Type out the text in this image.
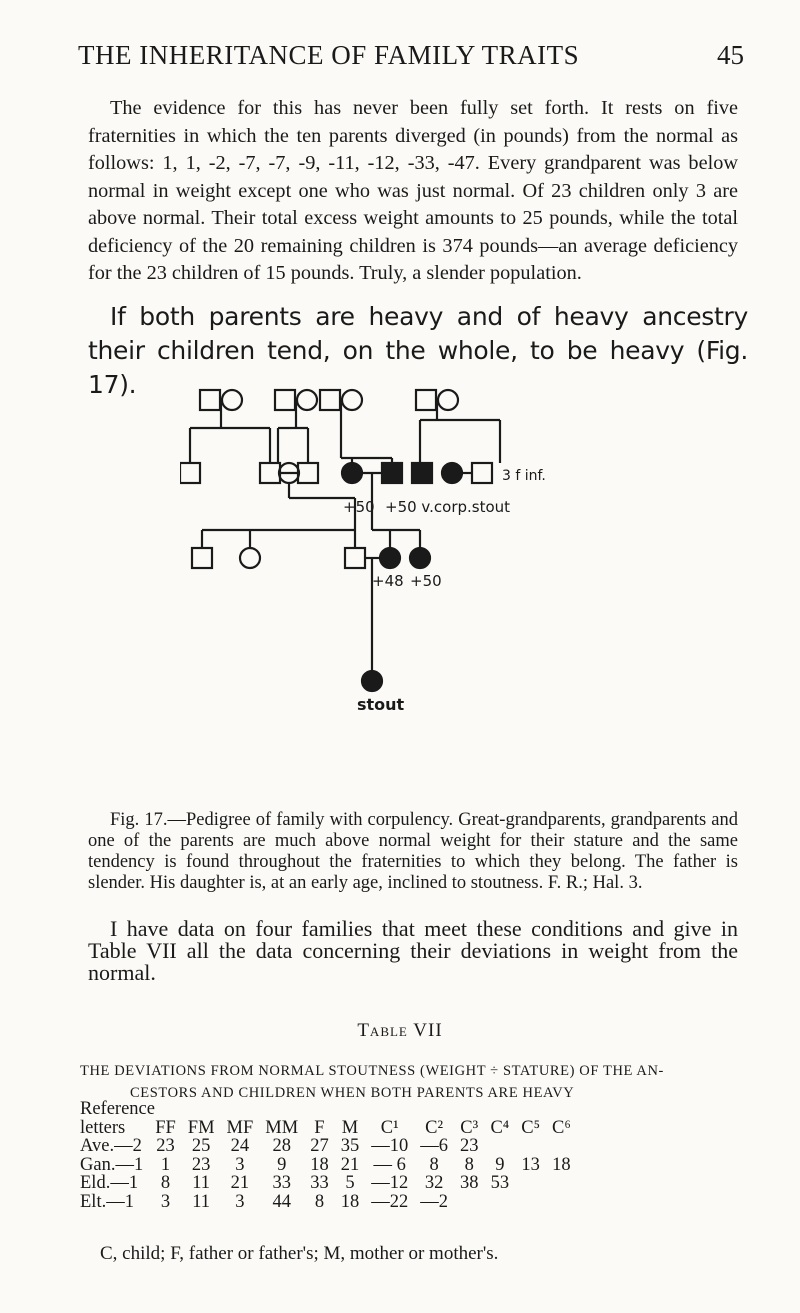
THE INHERITANCE OF FAMILY TRAITS	45

The evidence for this has never been fully set forth. It rests on five fraternities in which the ten parents diverged (in pounds) from the normal as follows: 1, 1, -2, -7, -7, -9, -11, -12, -33, -47. Every grandparent was below normal in weight except one who was just normal. Of 23 children only 3 are above normal. Their total excess weight amounts to 25 pounds, while the total deficiency of the 20 remaining children is 374 pounds—an average deficiency for the 23 children of 15 pounds. Truly, a slender population.

If both parents are heavy and of heavy ancestry their children tend, on the whole, to be heavy (Fig. 17).

+50 +50 v.corp.stout
3 f inf.
+48 +50
stout

Fig. 17.—Pedigree of family with corpulency. Great-grandparents, grandparents and one of the parents are much above normal weight for their stature and the same tendency is found throughout the fraternities to which they belong. The father is slender. His daughter is, at an early age, inclined to stoutness. F. R.; Hal. 3.

I have data on four families that meet these conditions and give in Table VII all the data concerning their deviations in weight from the normal.

Table VII
THE DEVIATIONS FROM NORMAL STOUTNESS (WEIGHT ÷ STATURE) OF THE AN-
CESTORS AND CHILDREN WHEN BOTH PARENTS ARE HEAVY
Reference												
letters	FF	FM	MF	MM	F	M	C¹	C²	C³	C⁴	C⁵	C⁶
Ave.—2	23	25	24	28	27	35	—10	—6	23			
Gan.—1	1	23	3	9	18	21	— 6	8	8	9	13	18
Eld.—1	8	11	21	33	33	5	—12	32	38	53		
Elt.—1	3	11	3	44	8	18	—22	—2				
C, child; F, father or father's; M, mother or mother's.
